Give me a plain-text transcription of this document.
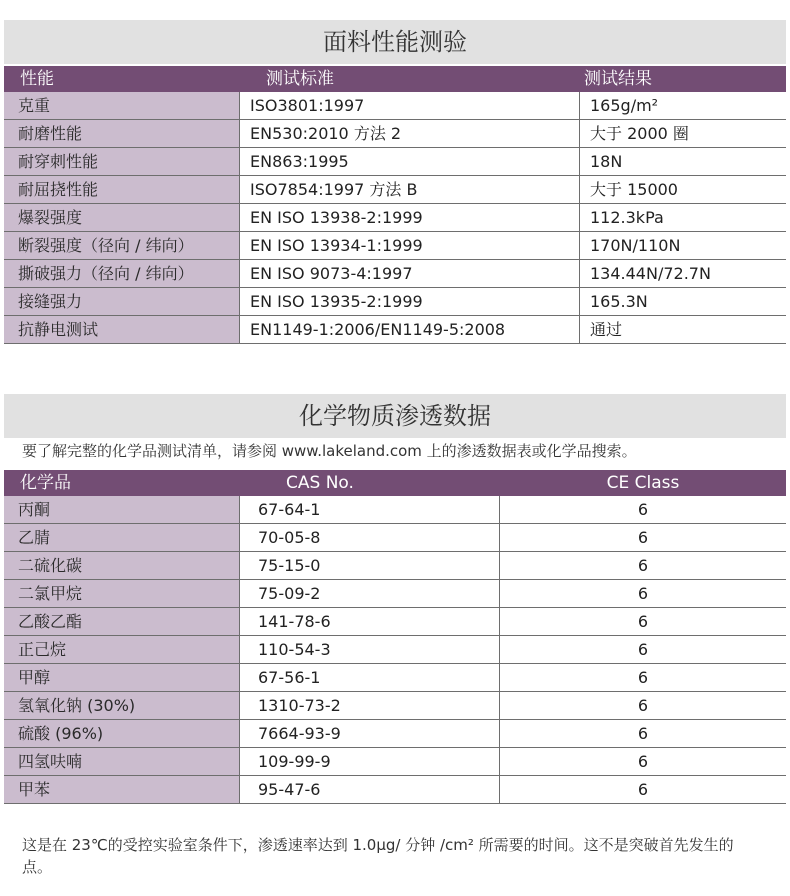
面料性能测验
性能	测试标准	测试结果
克重	ISO3801:1997	165g/m²
耐磨性能	EN530:2010 方法 2	大于 2000 圈
耐穿刺性能	EN863:1995	18N
耐屈挠性能	ISO7854:1997 方法 B	大于 15000
爆裂强度	EN ISO 13938-2:1999	112.3kPa
断裂强度（径向 / 纬向）	EN ISO 13934-1:1999	170N/110N
撕破强力（径向 / 纬向）	EN ISO 9073-4:1997	134.44N/72.7N
接缝强力	EN ISO 13935-2:1999	165.3N
抗静电测试	EN1149-1:2006/EN1149-5:2008	通过
化学物质渗透数据
要了解完整的化学品测试清单，请参阅 www.lakeland.com 上的渗透数据表或化学品搜索。
化学品	CAS No.	CE Class
丙酮	67-64-1	6
乙腈	70-05-8	6
二硫化碳	75-15-0	6
二氯甲烷	75-09-2	6
乙酸乙酯	141-78-6	6
正己烷	110-54-3	6
甲醇	67-56-1	6
氢氧化钠 (30%)	1310-73-2	6
硫酸 (96%)	7664-93-9	6
四氢呋喃	109-99-9	6
甲苯	95-47-6	6
这是在 23℃的受控实验室条件下，渗透速率达到 1.0μg/ 分钟 /cm² 所需要的时间。这不是突破首先发生的点。
